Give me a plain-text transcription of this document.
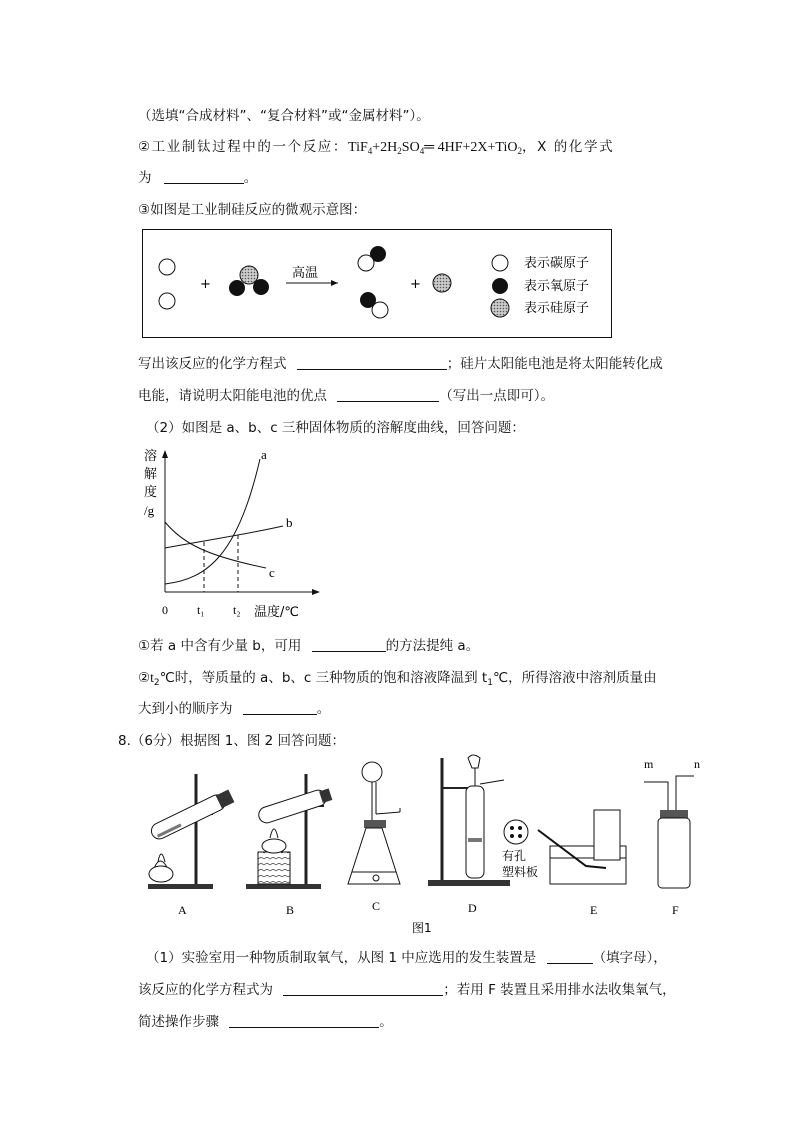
（选填“合成材料”、“复合材料”或“金属材料”）。
②工业制钛过程中的一个反应：$TiF_4+2H_2SO_4═$ 4HF+2X+TiO$_2$，X 的化学式
为	。
③如图是工业制硅反应的微观示意图：
+
高温
+
表示碳原子
表示氧原子
表示硅原子
写出该反应的化学方程式	；硅片太阳能电池是将太阳能转化成
电能，请说明太阳能电池的优点	（写出一点即可）。
（2）如图是 a、b、c 三种固体物质的溶解度曲线，回答问题：
溶
解
度
/g
a
b
c
0 t₁ t₂ 温度/℃
①若 a 中含有少量 b，可用	的方法提纯 a。
$②t_2℃$时，等质量的 a、b、c 三种物质的饱和溶液降温到 $t_1℃$，所得溶液中溶剂质量由
大到小的顺序为	。
8.（6分）根据图 1、图 2 回答问题：
A	B	C
有孔
塑料板
D	E
m	n
F
图1
（1）实验室用一种物质制取氧气，从图 1 中应选用的发生装置是	（填字母），
该反应的化学方程式为	；若用 F 装置且采用排水法收集氧气，
简述操作步骤	。
